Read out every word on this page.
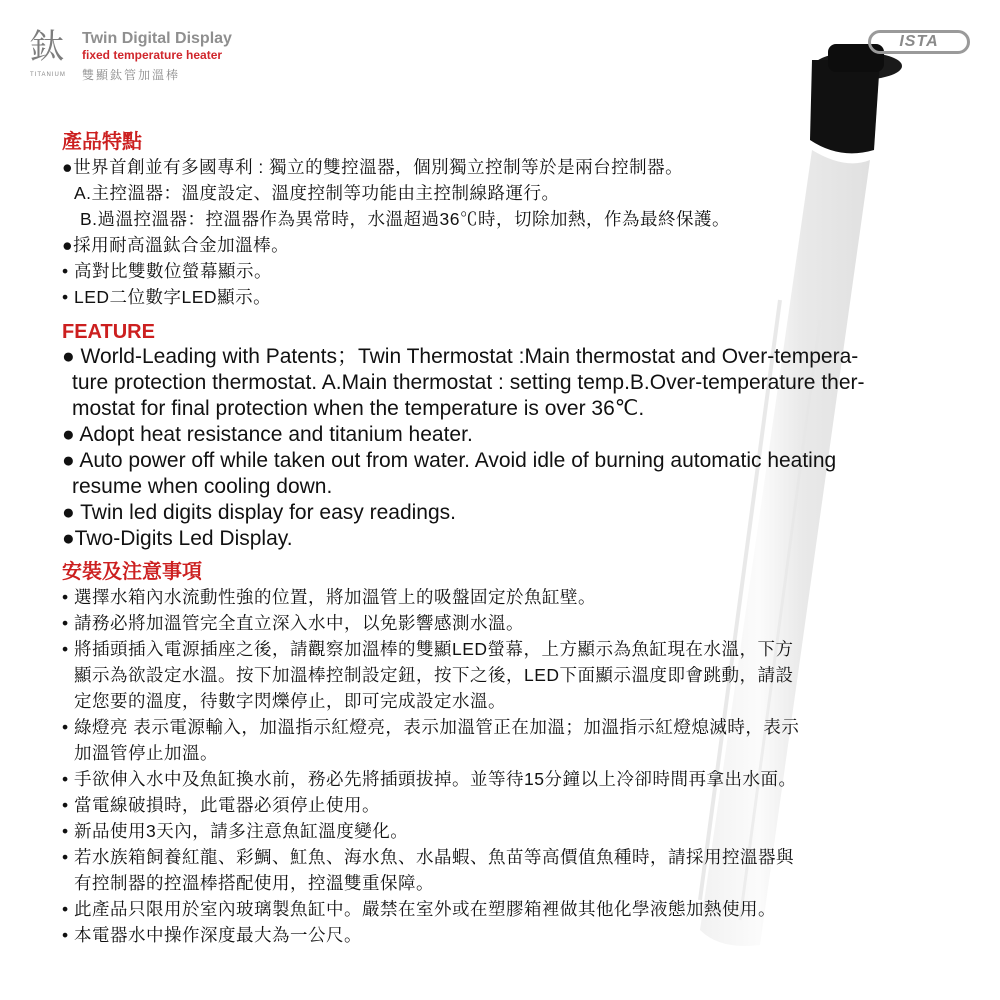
鈦
TITANIUM
Twin Digital Display
fixed temperature heater
雙顯鈦管加溫棒
ISTA
產品特點
●世界首創並有多國專利 : 獨立的雙控溫器，個別獨立控制等於是兩台控制器。
A.主控溫器：溫度設定、溫度控制等功能由主控制線路運行。
B.過溫控溫器：控溫器作為異常時，水溫超過36℃時，切除加熱，作為最終保護。
●採用耐高溫鈦合金加溫棒。
• 高對比雙數位螢幕顯示。
• LED二位數字LED顯示。
FEATURE
● World-Leading with Patents；Twin Thermostat :Main thermostat and Over-tempera-
ture protection thermostat. A.Main thermostat : setting temp.B.Over-temperature ther-
mostat for final protection when the temperature is over 36℃.
● Adopt heat resistance and titanium heater.
● Auto power off while taken out from water. Avoid idle of burning automatic heating
resume when cooling down.
● Twin led digits display for easy readings.
●Two-Digits Led Display.
安裝及注意事項
• 選擇水箱內水流動性強的位置，將加溫管上的吸盤固定於魚缸壁。
• 請務必將加溫管完全直立深入水中，以免影響感測水溫。
• 將插頭插入電源插座之後，請觀察加溫棒的雙顯LED螢幕，上方顯示為魚缸現在水溫，下方
顯示為欲設定水溫。按下加溫棒控制設定鈕，按下之後，LED下面顯示溫度即會跳動，請設
定您要的溫度，待數字閃爍停止，即可完成設定水溫。
• 綠燈亮 表示電源輸入，加溫指示紅燈亮，表示加溫管正在加溫；加溫指示紅燈熄滅時，表示
加溫管停止加溫。
• 手欲伸入水中及魚缸換水前，務必先將插頭拔掉。並等待15分鐘以上冷卻時間再拿出水面。
• 當電線破損時，此電器必須停止使用。
• 新品使用3天內，請多注意魚缸溫度變化。
• 若水族箱飼養紅龍、彩鯛、魟魚、海水魚、水晶蝦、魚苗等高價值魚種時，請採用控溫器與
有控制器的控溫棒搭配使用，控溫雙重保障。
• 此產品只限用於室內玻璃製魚缸中。嚴禁在室外或在塑膠箱裡做其他化學液態加熱使用。
• 本電器水中操作深度最大為一公尺。
